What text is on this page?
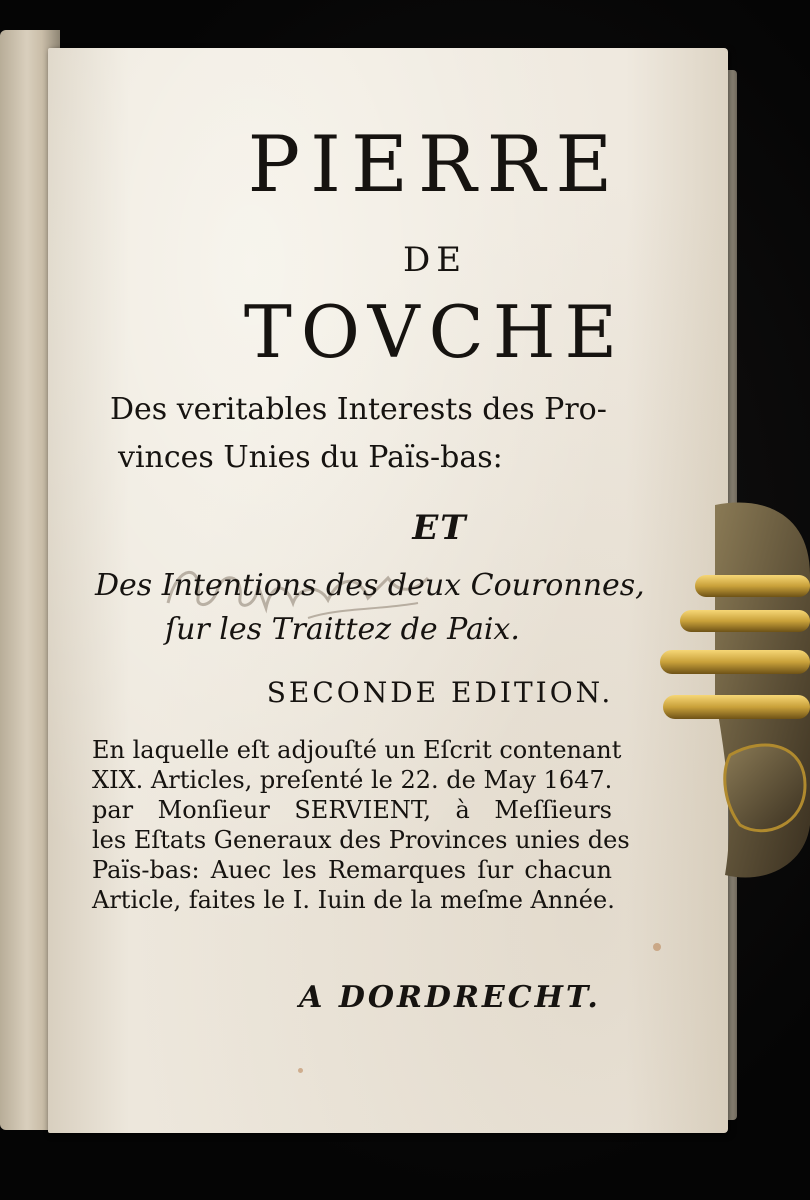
PIERRE
DE
TOVCHE
Des veritables Interests des Pro-
vinces Unies du Païs-bas:
ET
Des Intentions des deux Couronnes,
ſur les Traittez de Paix.
SECONDE EDITION.
En laquelle eſt adjouſté un Eſcrit contenant
XIX. Articles, preſenté le 22. de May 1647.
par Monſieur SERVIENT, à Meſſieurs
les Eſtats Generaux des Provinces unies des
Païs-bas: Auec les Remarques ſur chacun
Article, faites le I. Iuin de la meſme Année.
A DORDRECHT.
